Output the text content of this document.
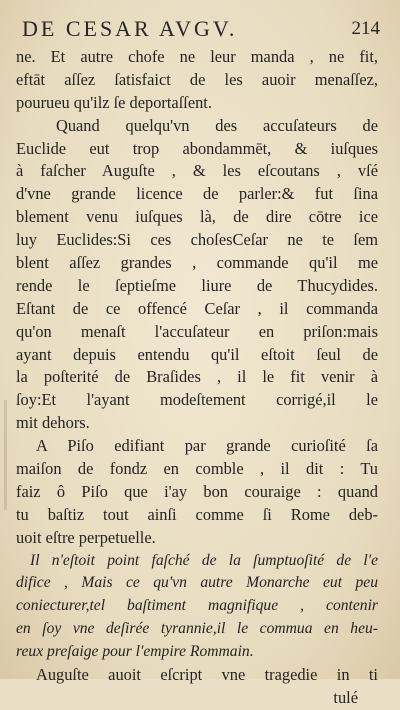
DE CESAR AVGV.	214
ne. Et autre chofe ne leur manda , ne fit,
eftāt aſſez ſatisfaict de les auoir menaſſez,
pourueu qu'ilz ſe deportaſſent.
Quand quelqu'vn des accuſateurs de
Euclide eut trop abondammēt, & iuſques
à faſcher Auguſte , & les eſcoutans , vſé
d'vne grande licence de parler:& fut ſina
blement venu iuſques là, de dire cōtre ice
luy Euclides:Si ces choſesCeſar ne te ſem
blent aſſez grandes , commande qu'il me
rende le ſeptieſme liure de Thucydides.
Eſtant de ce offencé Ceſar , il commanda
qu'on menaſt l'accuſateur en priſon:mais
ayant depuis entendu qu'il eſtoit ſeul de
la poſterité de Braſides , il le fit venir à
ſoy:Et l'ayant modeſtement corrigé,il le
mit dehors.
A Piſo edifiant par grande curioſité ſa
maiſon de fondz en comble , il dit : Tu
faiz ô Piſo que i'ay bon couraige : quand
tu baſtiz tout ainſi comme ſi Rome deb-
uoit eſtre perpetuelle.
Il n'eſtoit point faſché de la ſumptuoſité de l'e
difice , Mais ce qu'vn autre Monarche eut peu
coniecturer,tel baſtiment magnifique , contenir
en ſoy vne deſirée tyrannie,il le commua en heu-
reux preſaige pour l'empire Rommain.
Auguſte auoit eſcript vne tragedie in ti
tulé
